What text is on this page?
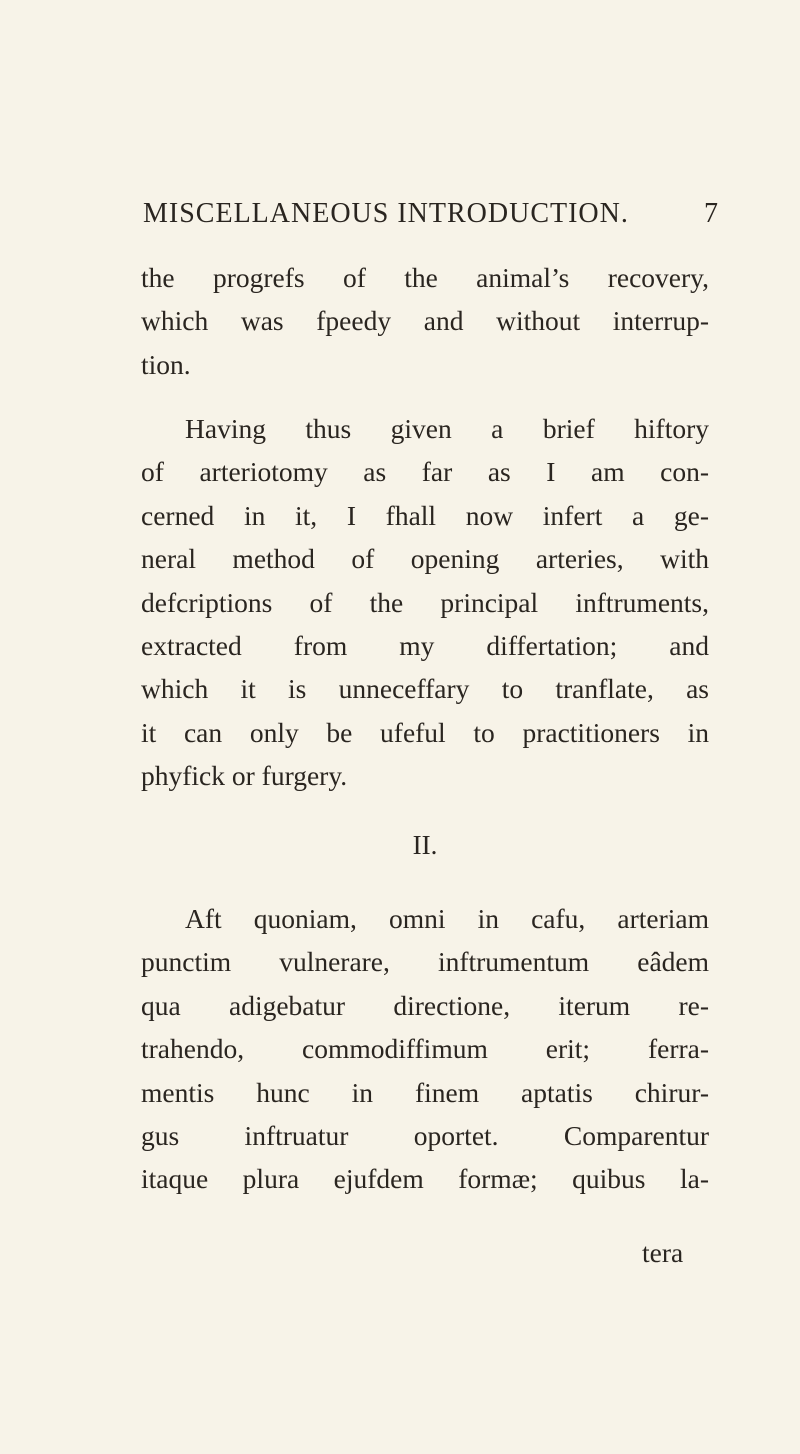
MISCELLANEOUS INTRODUCTION.	7
the progrefs of the animal’s recovery,
which was fpeedy and without interrup-
tion.
Having thus given a brief hiftory
of arteriotomy as far as I am con-
cerned in it, I fhall now infert a ge-
neral method of opening arteries, with
defcriptions of the principal inftruments,
extracted from my differtation; and
which it is unneceffary to tranflate, as
it can only be ufeful to practitioners in
phyfick or furgery.
II.
Aft quoniam, omni in cafu, arteriam
punctim vulnerare, inftrumentum eâdem
qua adigebatur directione, iterum re-
trahendo, commodiffimum erit; ferra-
mentis hunc in finem aptatis chirur-
gus inftruatur oportet. Comparentur
itaque plura ejufdem formæ; quibus la-
tera
